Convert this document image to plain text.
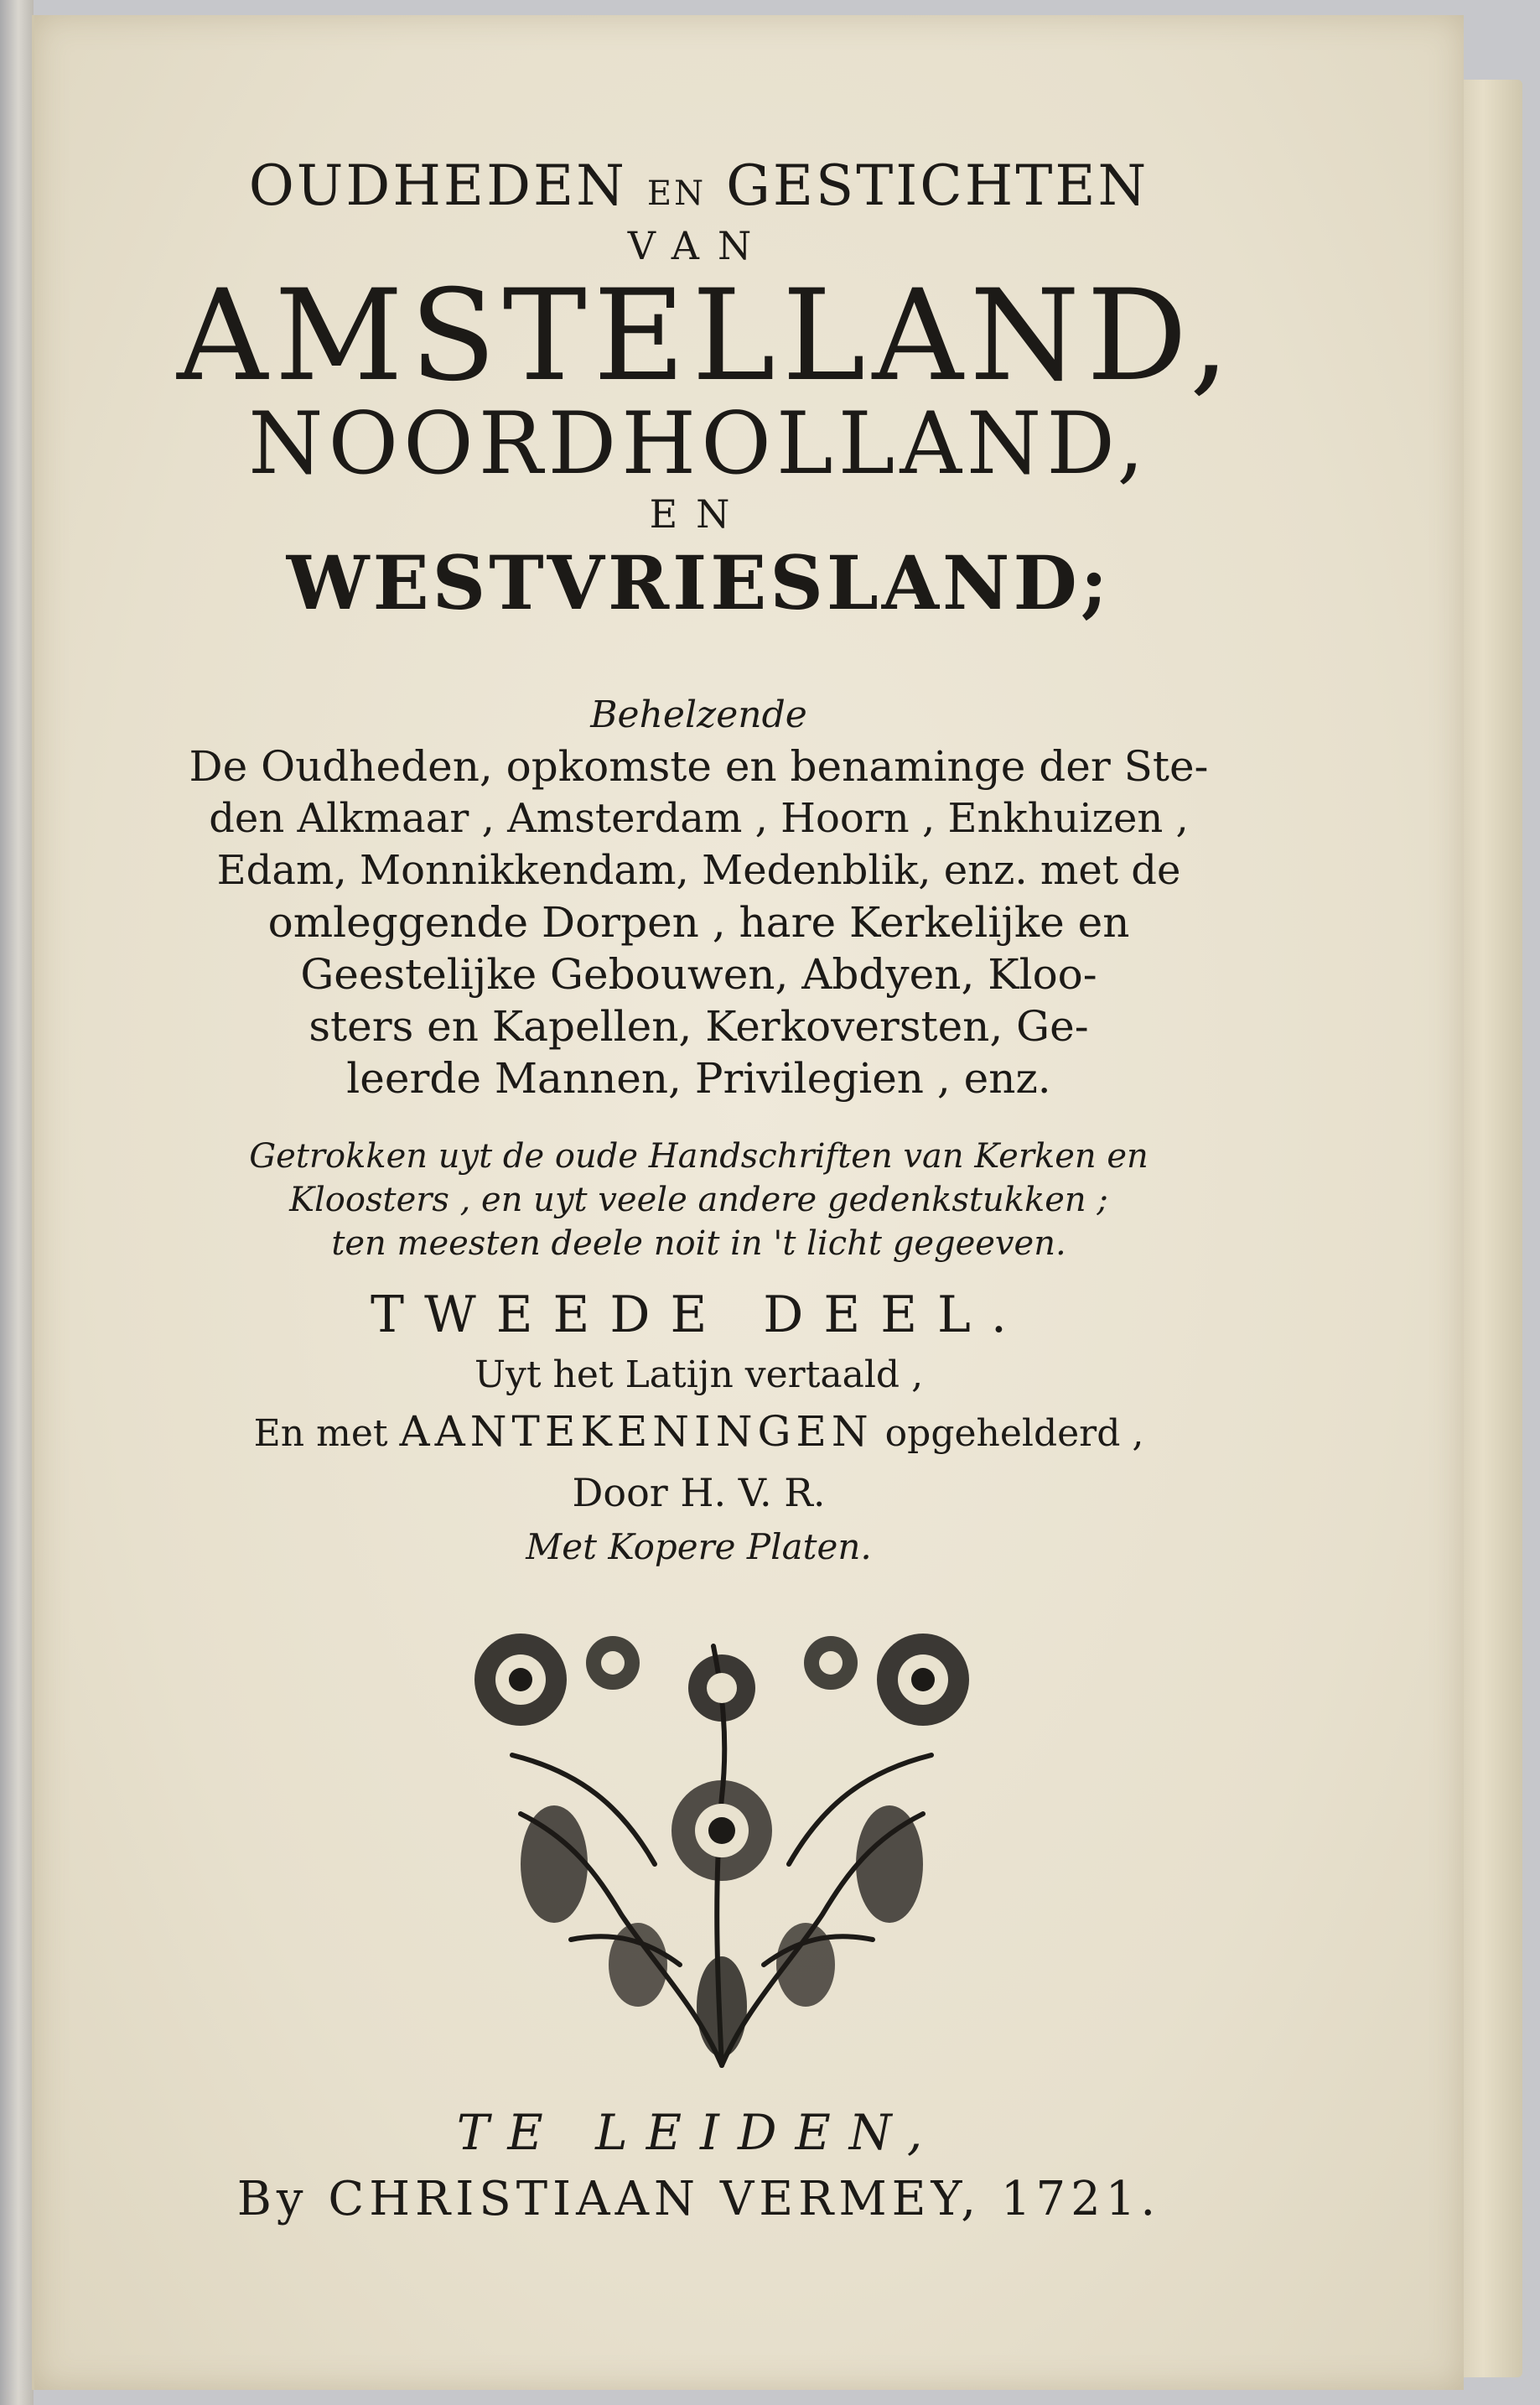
OUDHEDEN EN GESTICHTEN
VAN
AMSTELLAND,
NOORDHOLLAND,
EN
WESTVRIESLAND;
Behelzende
De Oudheden, opkomste en benaminge der Ste-
den Alkmaar , Amsterdam , Hoorn , Enkhuizen ,
Edam, Monnikkendam, Medenblik, enz. met de
omleggende Dorpen , hare Kerkelijke en
Geestelijke Gebouwen, Abdyen, Kloo-
sters en Kapellen, Kerkoversten, Ge-
leerde Mannen, Privilegien , enz.
Getrokken uyt de oude Handschriften van Kerken en
Kloosters , en uyt veele andere gedenkstukken ;
ten meesten deele noit in 't licht gegeeven.
TWEEDE DEEL.
Uyt het Latijn vertaald ,
En met AANTEKENINGEN opgehelderd ,
Door H. V. R.
Met Kopere Platen.
TE LEIDEN,
By CHRISTIAAN VERMEY, 1721.
